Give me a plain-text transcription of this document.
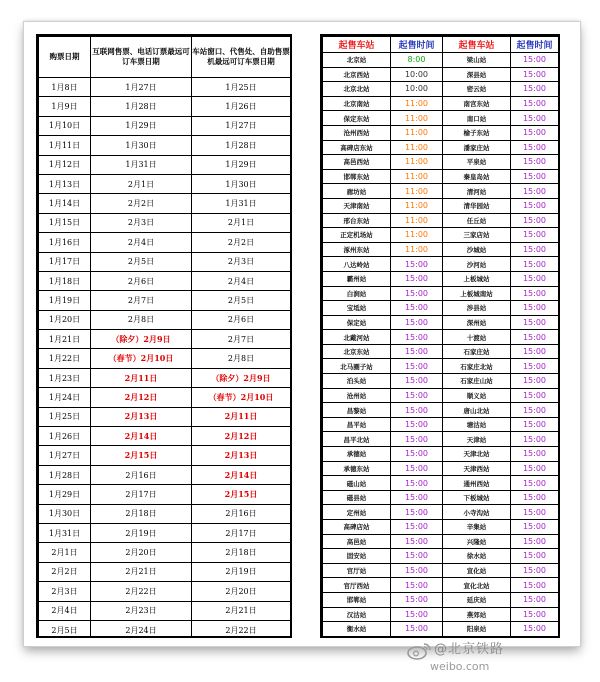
购票日期	互联网售票、电话订票最远可订车票日期	车站窗口、代售处、自助售票机最远可订车票日期
1月8日	1月27日	1月25日
1月9日	1月28日	1月26日
1月10日	1月29日	1月27日
1月11日	1月30日	1月28日
1月12日	1月31日	1月29日
1月13日	2月1日	1月30日
1月14日	2月2日	1月31日
1月15日	2月3日	2月1日
1月16日	2月4日	2月2日
1月17日	2月5日	2月3日
1月18日	2月6日	2月4日
1月19日	2月7日	2月5日
1月20日	2月8日	2月6日
1月21日	（除夕）2月9日	2月7日
1月22日	（春节）2月10日	2月8日
1月23日	2月11日	（除夕）2月9日
1月24日	2月12日	（春节）2月10日
1月25日	2月13日	2月11日
1月26日	2月14日	2月12日
1月27日	2月15日	2月13日
1月28日	2月16日	2月14日
1月29日	2月17日	2月15日
1月30日	2月18日	2月16日
1月31日	2月19日	2月17日
2月1日	2月20日	2月18日
2月2日	2月21日	2月19日
2月3日	2月22日	2月20日
2月4日	2月23日	2月21日
2月5日	2月24日	2月22日

起售车站	起售时间	起售车站	起售时间
北京站	8:00	梁山站	15:00
北京西站	10:00	深县站	15:00
北京北站	10:00	密云站	15:00
北京南站	11:00	南宫东站	15:00
保定东站	11:00	南口站	15:00
沧州西站	11:00	榆子东站	15:00
高碑店东站	11:00	潘家庄站	15:00
高邑西站	11:00	平泉站	15:00
邯郸东站	11:00	秦皇岛站	15:00
廊坊站	11:00	清河站	15:00
天津南站	11:00	清华园站	15:00
邢台东站	11:00	任丘站	15:00
正定机场站	11:00	三家店站	15:00
涿州东站	11:00	沙城站	15:00
八达岭站	15:00	沙河站	15:00
霸州站	15:00	上板城站	15:00
白涧站	15:00	上板城南站	15:00
宝坻站	15:00	涉县站	15:00
保定站	15:00	深州站	15:00
北戴河站	15:00	十渡站	15:00
北京东站	15:00	石家庄站	15:00
北马圈子站	15:00	石家庄北站	15:00
泊头站	15:00	石家庄山站	15:00
沧州站	15:00	顺义站	15:00
昌黎站	15:00	唐山北站	15:00
昌平站	15:00	塘沽站	15:00
昌平北站	15:00	天津站	15:00
承德站	15:00	天津北站	15:00
承德东站	15:00	天津西站	15:00
磁山站	15:00	通州西站	15:00
磁县站	15:00	下板城站	15:00
定州站	15:00	小寺沟站	15:00
高碑店站	15:00	辛集站	15:00
高邑站	15:00	兴隆站	15:00
固安站	15:00	徐水站	15:00
官厅站	15:00	宣化站	15:00
官厅西站	15:00	宣化北站	15:00
邯郸站	15:00	延庆站	15:00
汉沽站	15:00	燕郊站	15:00
衡水站	15:00	阳泉站	15:00

@北京铁路
weibo.com
